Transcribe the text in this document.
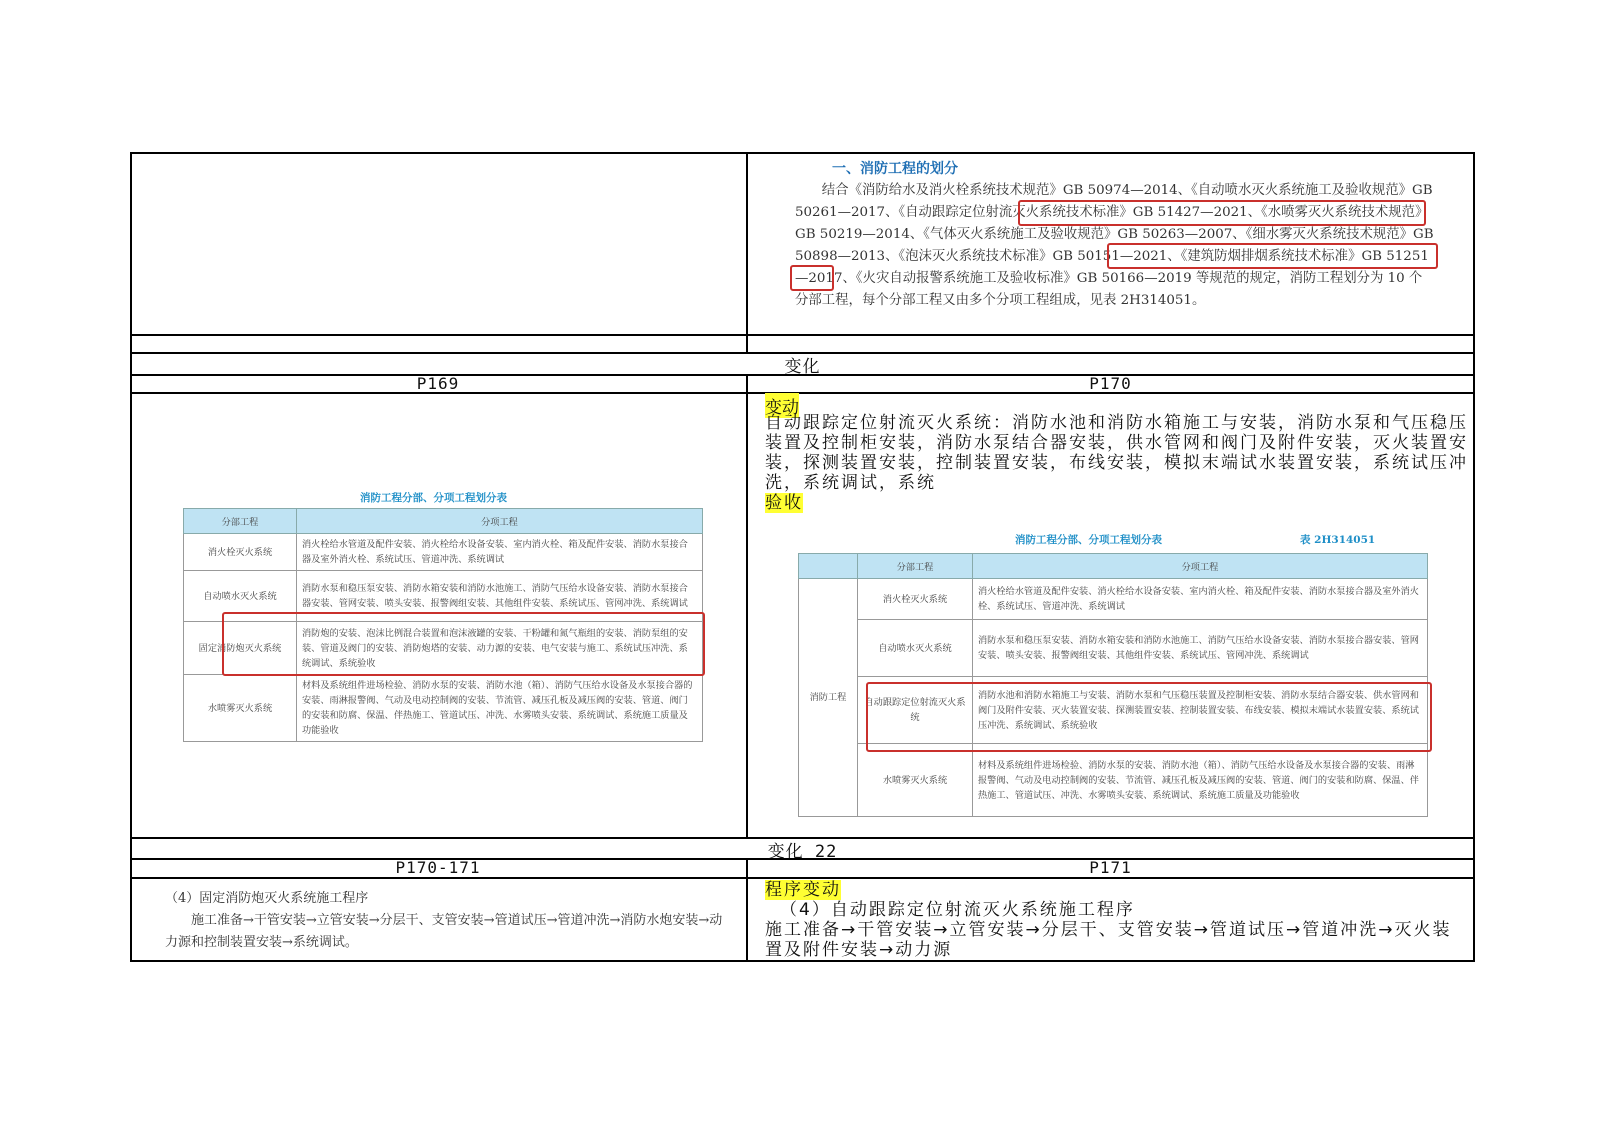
一、消防工程的划分
结合《消防给水及消火栓系统技术规范》GB 50974—2014、《自动喷水灭火系统施工及验收规范》GB 50261—2017、《自动跟踪定位射流灭火系统技术标准》GB 51427—2021、《水喷雾灭火系统技术规范》GB 50219—2014、《气体灭火系统施工及验收规范》GB 50263—2007、《细水雾灭火系统技术规范》GB 50898—2013、《泡沫灭火系统技术标准》GB 50151—2021、《建筑防烟排烟系统技术标准》GB 51251—2017、《火灾自动报警系统施工及验收标准》GB 50166—2019 等规范的规定，消防工程划分为 10 个分部工程，每个分部工程又由多个分项工程组成，见表 2H314051。
变化
P169	P170
消防工程分部、分项工程划分表
分部工程	分项工程
消火栓灭火系统	消火栓给水管道及配件安装、消火栓给水设备安装、室内消火栓、箱及配件安装、消防水泵接合器及室外消火栓、系统试压、管道冲洗、系统调试
自动喷水灭火系统	消防水泵和稳压泵安装、消防水箱安装和消防水池施工、消防气压给水设备安装、消防水泵接合器安装、管网安装、喷头安装、报警阀组安装、其他组件安装、系统试压、管网冲洗、系统调试
固定消防炮灭火系统	消防炮的安装、泡沫比例混合装置和泡沫液罐的安装、干粉罐和氮气瓶组的安装、消防泵组的安装、管道及阀门的安装、消防炮塔的安装、动力源的安装、电气安装与施工、系统试压冲洗、系统调试、系统验收
水喷雾灭火系统	材料及系统组件进场检验、消防水泵的安装、消防水池（箱）、消防气压给水设备及水泵接合器的安装、雨淋报警阀、气动及电动控制阀的安装、节流管、减压孔板及减压阀的安装、管道、阀门的安装和防腐、保温、伴热施工、管道试压、冲洗、水雾喷头安装、系统调试、系统施工质量及功能验收
变动
自动跟踪定位射流灭火系统：消防水池和消防水箱施工与安装，消防水泵和气压稳压装置及控制柜安装，消防水泵结合器安装，供水管网和阀门及附件安装，灭火装置安装，探测装置安装，控制装置安装，布线安装，模拟末端试水装置安装，系统试压冲洗，系统调试，系统
验收
消防工程分部、分项工程划分表	表 2H314051
	分部工程	分项工程
消防工程	消火栓灭火系统	消火栓给水管道及配件安装、消火栓给水设备安装、室内消火栓、箱及配件安装、消防水泵接合器及室外消火栓、系统试压、管道冲洗、系统调试
	自动喷水灭火系统	消防水泵和稳压泵安装、消防水箱安装和消防水池施工、消防气压给水设备安装、消防水泵接合器安装、管网安装、喷头安装、报警阀组安装、其他组件安装、系统试压、管网冲洗、系统调试
	自动跟踪定位射流灭火系统	消防水池和消防水箱施工与安装、消防水泵和气压稳压装置及控制柜安装、消防水泵结合器安装、供水管网和阀门及附件安装、灭火装置安装、探测装置安装、控制装置安装、布线安装、模拟末端试水装置安装、系统试压冲洗、系统调试、系统验收
	水喷雾灭火系统	材料及系统组件进场检验、消防水泵的安装、消防水池（箱）、消防气压给水设备及水泵接合器的安装、雨淋报警阀、气动及电动控制阀的安装、节流管、减压孔板及减压阀的安装、管道、阀门的安装和防腐、保温、伴热施工、管道试压、冲洗、水雾喷头安装、系统调试、系统施工质量及功能验收
变化 22
P170-171	P171
（4）固定消防炮灭火系统施工程序
施工准备→干管安装→立管安装→分层干、支管安装→管道试压→管道冲洗→消防水炮安装→动力源和控制装置安装→系统调试。
程序变动
（4）自动跟踪定位射流灭火系统施工程序
施工准备→干管安装→立管安装→分层干、支管安装→管道试压→管道冲洗→灭火装置及附件安装→动力源
